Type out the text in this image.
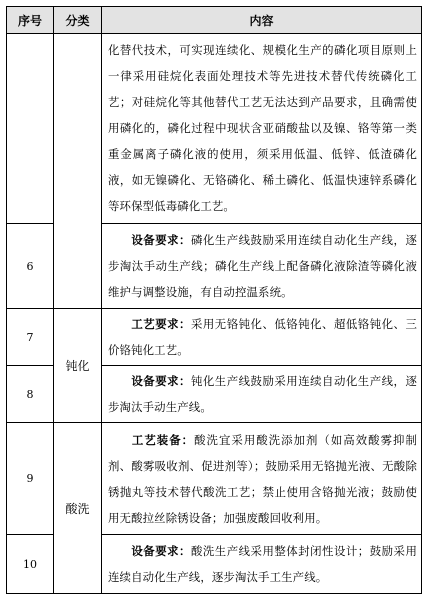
序号	分类	内容
		化替代技术，可实现连续化、规模化生产的磷化项目原则上一律采用硅烷化表面处理技术等先进技术替代传统磷化工艺；对硅烷化等其他替代工艺无法达到产品要求，且确需使用磷化的，磷化过程中现状含亚硝酸盐以及镍、铬等第一类重金属离子磷化液的使用，须采用低温、低锌、低渣磷化液，如无镍磷化、无铬磷化、稀土磷化、低温快速锌系磷化等环保型低毒磷化工艺。
6		设备要求：磷化生产线鼓励采用连续自动化生产线，逐步淘汰手动生产线；磷化生产线上配备磷化液除渣等磷化液维护与调整设施，有自动控温系统。
7	钝化	工艺要求：采用无铬钝化、低铬钝化、超低铬钝化、三价铬钝化工艺。
8		设备要求：钝化生产线鼓励采用连续自动化生产线，逐步淘汰手动生产线。
9	酸洗	工艺装备：酸洗宜采用酸洗添加剂（如高效酸雾抑制剂、酸雾吸收剂、促进剂等）；鼓励采用无铬抛光液、无酸除锈抛丸等技术替代酸洗工艺；禁止使用含铬抛光液；鼓励使用无酸拉丝除锈设备；加强废酸回收利用。
10		设备要求：酸洗生产线采用整体封闭性设计；鼓励采用连续自动化生产线，逐步淘汰手工生产线。
